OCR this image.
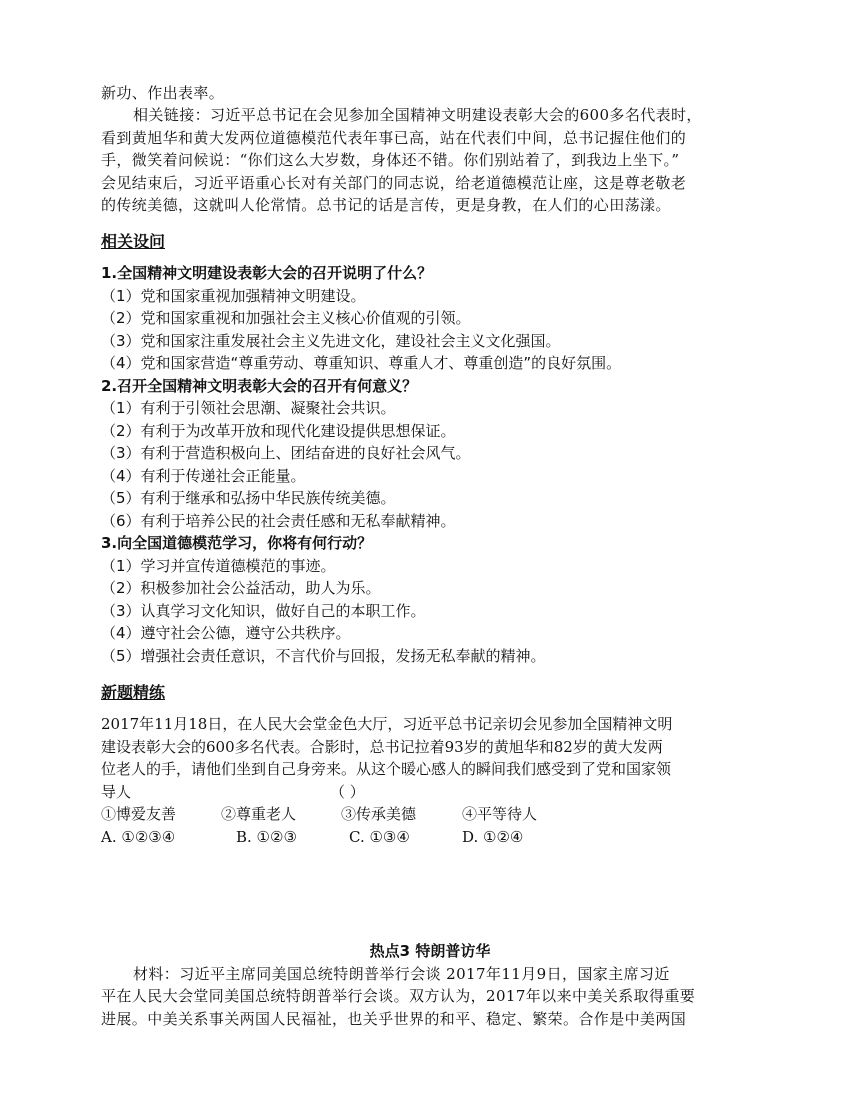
新功、作出表率。
相关链接：习近平总书记在会见参加全国精神文明建设表彰大会的600多名代表时，
看到黄旭华和黄大发两位道德模范代表年事已高，站在代表们中间，总书记握住他们的
手，微笑着问候说：“你们这么大岁数，身体还不错。你们别站着了，到我边上坐下。”
会见结束后，习近平语重心长对有关部门的同志说，给老道德模范让座，这是尊老敬老
的传统美德，这就叫人伦常情。总书记的话是言传，更是身教，在人们的心田荡漾。
相关设问
1.全国精神文明建设表彰大会的召开说明了什么？
（1）党和国家重视加强精神文明建设。
（2）党和国家重视和加强社会主义核心价值观的引领。
（3）党和国家注重发展社会主义先进文化，建设社会主义文化强国。
（4）党和国家营造“尊重劳动、尊重知识、尊重人才、尊重创造”的良好氛围。
2.召开全国精神文明表彰大会的召开有何意义？
（1）有利于引领社会思潮、凝聚社会共识。
（2）有利于为改革开放和现代化建设提供思想保证。
（3）有利于营造积极向上、团结奋进的良好社会风气。
（4）有利于传递社会正能量。
（5）有利于继承和弘扬中华民族传统美德。
（6）有利于培养公民的社会责任感和无私奉献精神。
3.向全国道德模范学习，你将有何行动？
（1）学习并宣传道德模范的事迹。
（2）积极参加社会公益活动，助人为乐。
（3）认真学习文化知识，做好自己的本职工作。
（4）遵守社会公德，遵守公共秩序。
（5）增强社会责任意识，不言代价与回报，发扬无私奉献的精神。
新题精练
2017年11月18日，在人民大会堂金色大厅，习近平总书记亲切会见参加全国精神文明
建设表彰大会的600多名代表。合影时，总书记拉着93岁的黄旭华和82岁的黄大发两
位老人的手，请他们坐到自己身旁来。从这个暖心感人的瞬间我们感受到了党和国家领
导人	（ ）
①博爱友善	②尊重老人	③传承美德	④平等待人
A. ①②③④	B. ①②③	C. ①③④	D. ①②④
热点3 特朗普访华
材料：习近平主席同美国总统特朗普举行会谈 2017年11月9日，国家主席习近
平在人民大会堂同美国总统特朗普举行会谈。双方认为，2017年以来中美关系取得重要
进展。中美关系事关两国人民福祉，也关乎世界的和平、稳定、繁荣。合作是中美两国
